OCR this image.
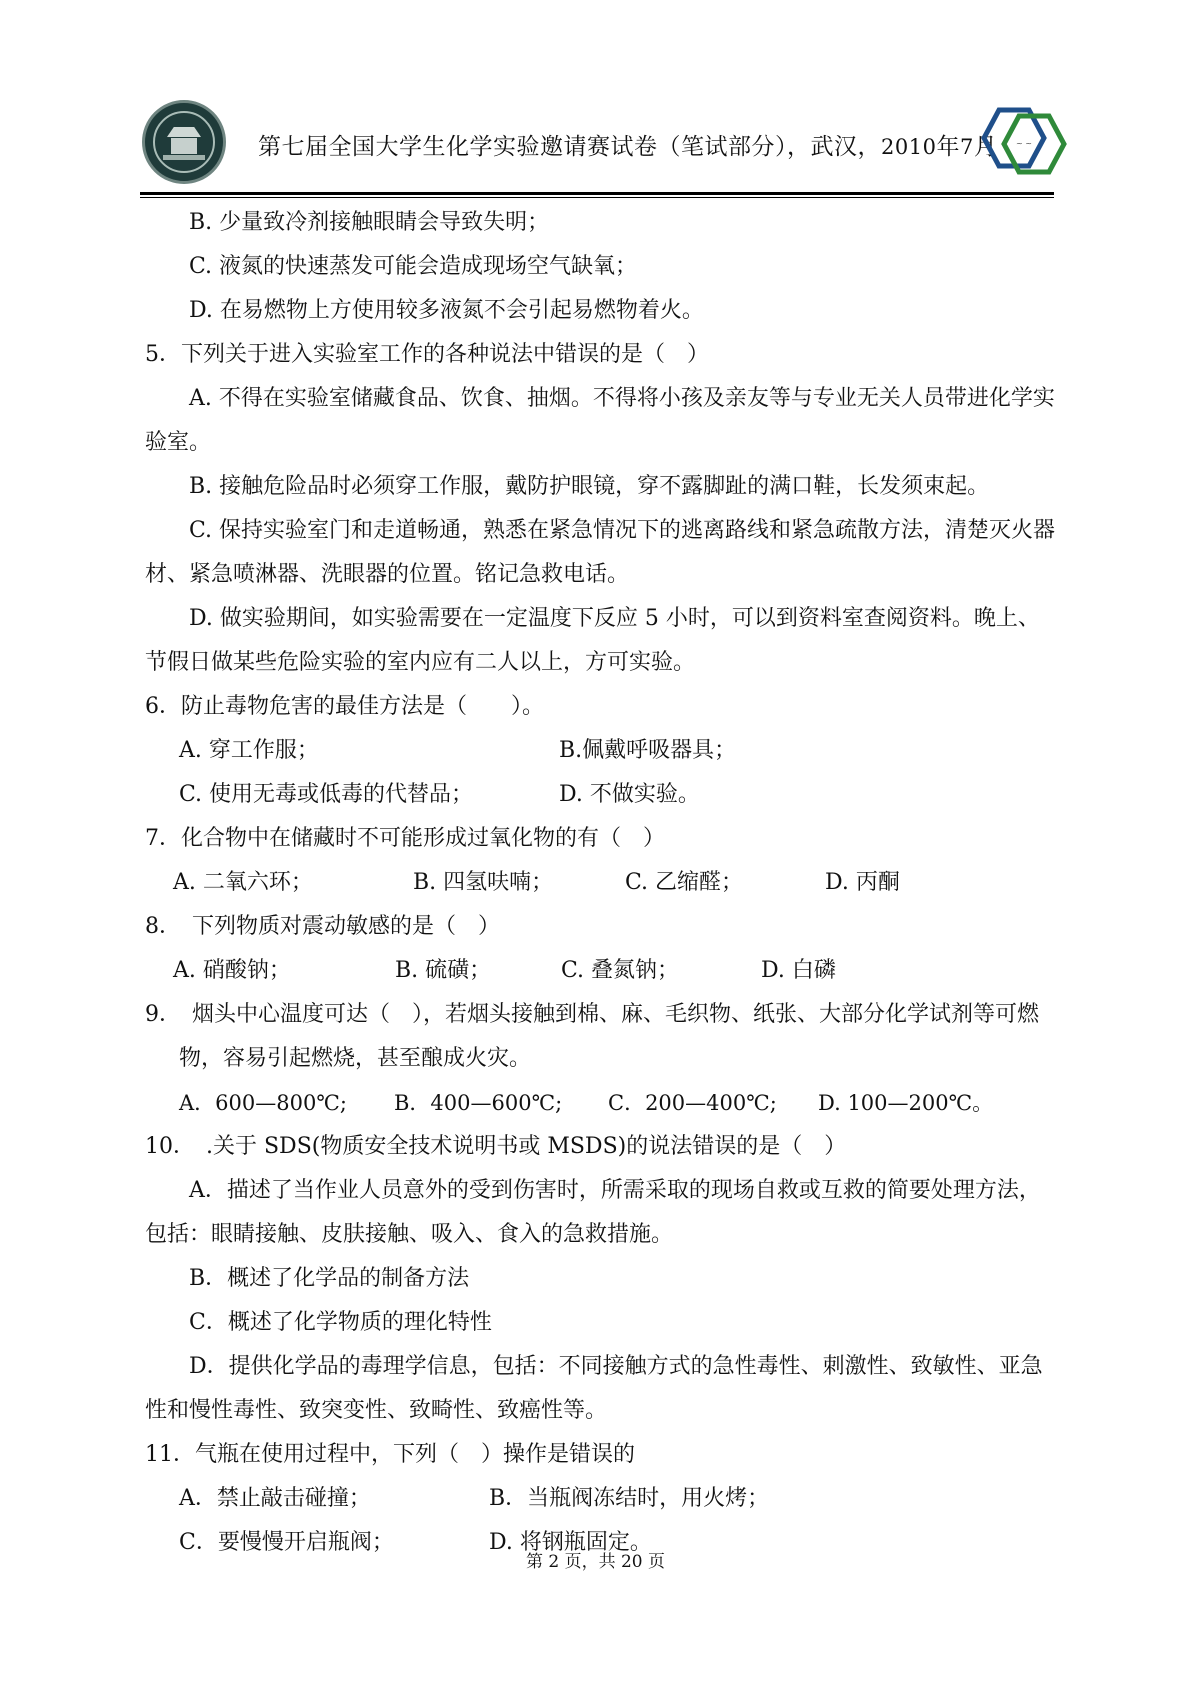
第七届全国大学生化学实验邀请赛试卷（笔试部分），武汉，2010年7月 ~ ~
B. 少量致冷剂接触眼睛会导致失明；
C. 液氮的快速蒸发可能会造成现场空气缺氧；
D. 在易燃物上方使用较多液氮不会引起易燃物着火。
5．下列关于进入实验室工作的各种说法中错误的是（　）
A. 不得在实验室储藏食品、饮食、抽烟。不得将小孩及亲友等与专业无关人员带进化学实验室。
B. 接触危险品时必须穿工作服，戴防护眼镜，穿不露脚趾的满口鞋，长发须束起。
C. 保持实验室门和走道畅通，熟悉在紧急情况下的逃离路线和紧急疏散方法，清楚灭火器材、紧急喷淋器、洗眼器的位置。铭记急救电话。
D. 做实验期间，如实验需要在一定温度下反应 5 小时，可以到资料室查阅资料。晚上、节假日做某些危险实验的室内应有二人以上，方可实验。
6．防止毒物危害的最佳方法是（　　）。
A. 穿工作服；	B.佩戴呼吸器具；
C. 使用无毒或低毒的代替品；	D. 不做实验。
7．化合物中在储藏时不可能形成过氧化物的有（　）
A. 二氧六环；	B. 四氢呋喃；	C. 乙缩醛；	D. 丙酮
8．　下列物质对震动敏感的是（　）
A. 硝酸钠；	B. 硫磺；	C. 叠氮钠；	D. 白磷
9．　烟头中心温度可达（　），若烟头接触到棉、麻、毛织物、纸张、大部分化学试剂等可燃物，容易引起燃烧，甚至酿成火灾。
A．600—800℃;	B．400—600℃;	C．200—400℃;	D. 100—200℃。
10．　.关于 SDS(物质安全技术说明书或 MSDS)的说法错误的是（　）
A．描述了当作业人员意外的受到伤害时，所需采取的现场自救或互救的简要处理方法，包括：眼睛接触、皮肤接触、吸入、食入的急救措施。
B．概述了化学品的制备方法
C．概述了化学物质的理化特性
D．提供化学品的毒理学信息，包括：不同接触方式的急性毒性、刺激性、致敏性、亚急性和慢性毒性、致突变性、致畸性、致癌性等。
11．气瓶在使用过程中，下列（　）操作是错误的
A．禁止敲击碰撞；	B．当瓶阀冻结时，用火烤；
C．要慢慢开启瓶阀；	D. 将钢瓶固定。
第 2 页，共 20 页
